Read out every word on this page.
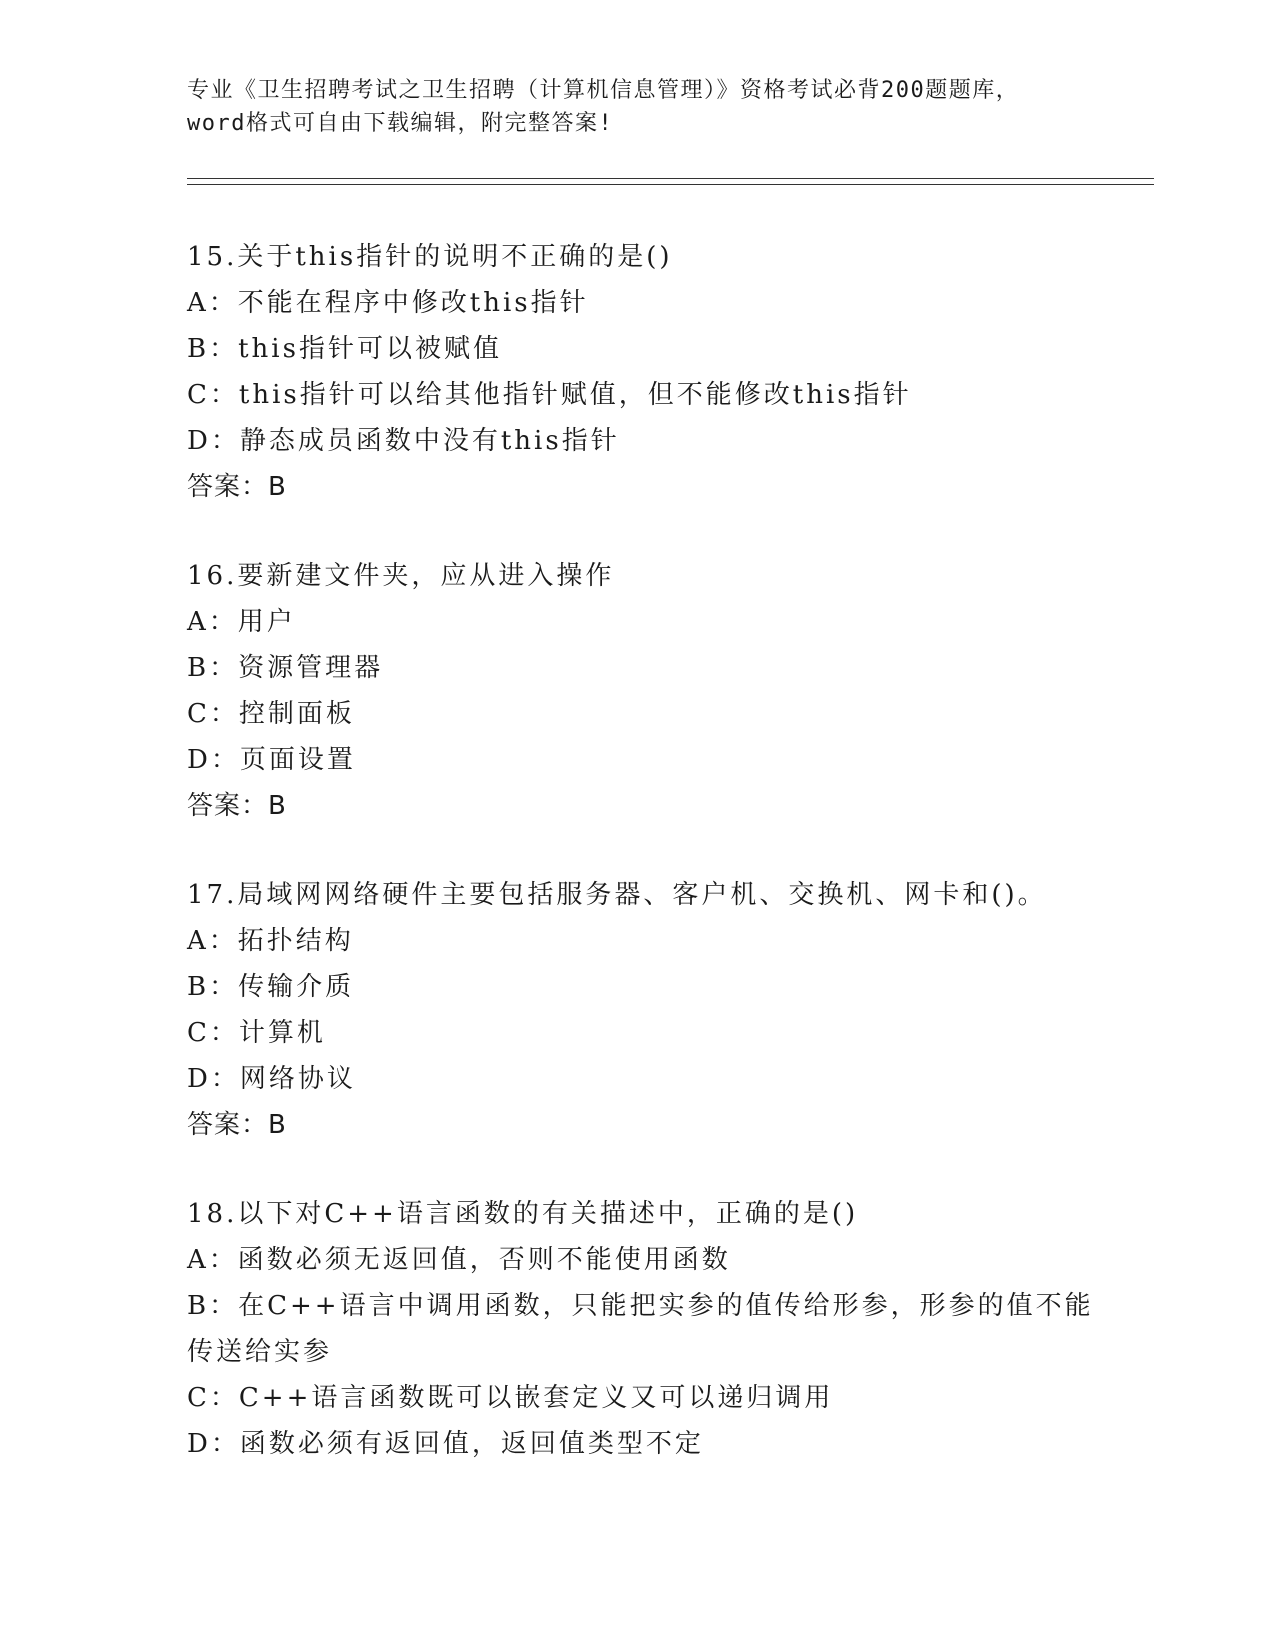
专业《卫生招聘考试之卫生招聘（计算机信息管理）》资格考试必背200题题库，
word格式可自由下载编辑，附完整答案!
15.关于this指针的说明不正确的是()
A：不能在程序中修改this指针
B：this指针可以被赋值
C：this指针可以给其他指针赋值，但不能修改this指针
D：静态成员函数中没有this指针
答案：B
16.要新建文件夹，应从进入操作
A：用户
B：资源管理器
C：控制面板
D：页面设置
答案：B
17.局域网网络硬件主要包括服务器、客户机、交换机、网卡和()。
A：拓扑结构
B：传输介质
C：计算机
D：网络协议
答案：B
18.以下对C++语言函数的有关描述中，正确的是()
A：函数必须无返回值，否则不能使用函数
B：在C++语言中调用函数，只能把实参的值传给形参，形参的值不能
传送给实参
C：C++语言函数既可以嵌套定义又可以递归调用
D：函数必须有返回值，返回值类型不定
